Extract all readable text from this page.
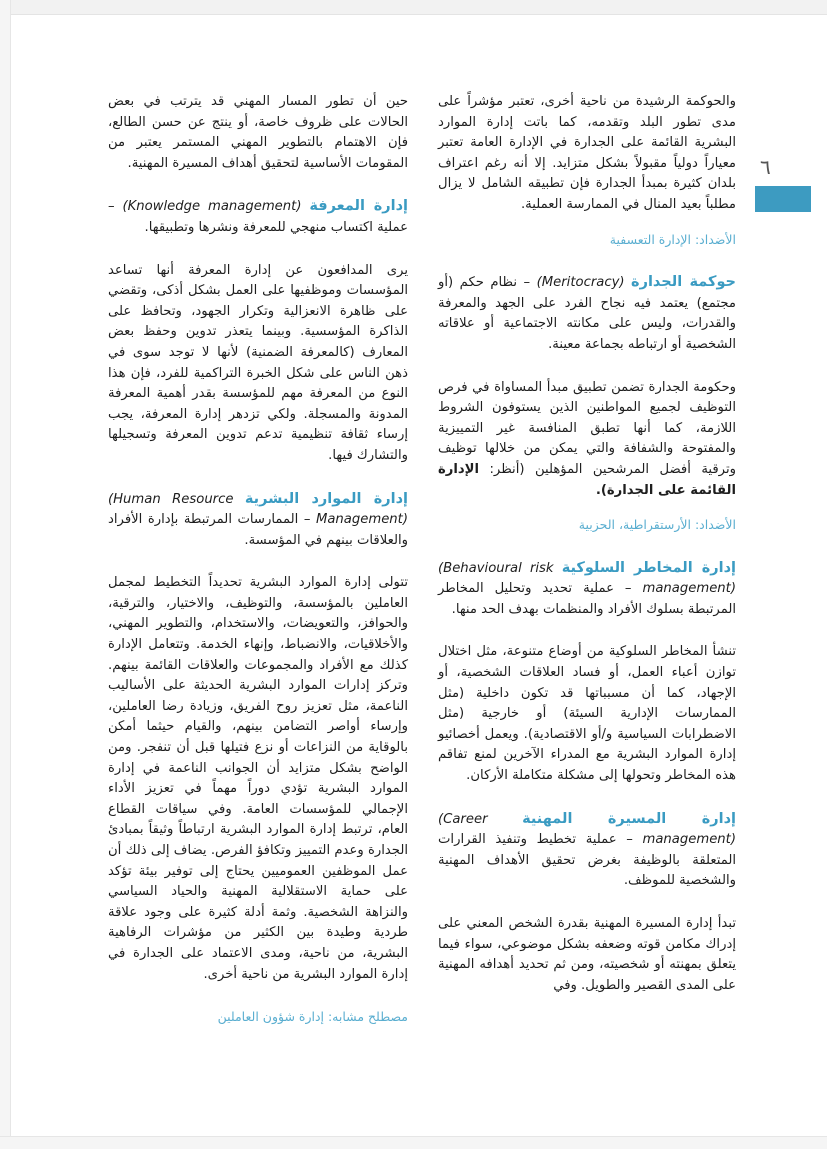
٦

والحوكمة الرشيدة من ناحية أخرى، تعتبر مؤشراً على مدى تطور البلد وتقدمه، كما باتت إدارة الموارد البشرية القائمة على الجدارة في الإدارة العامة تعتبر معياراً دولياً مقبولاً بشكل متزايد. إلا أنه رغم اعتراف بلدان كثيرة بمبدأ الجدارة فإن تطبيقه الشامل لا يزال مطلباً بعيد المنال في الممارسة العملية.

الأضداد: الإدارة التعسفية

حوكمة الجدارة (Meritocracy) – نظام حكم (أو مجتمع) يعتمد فيه نجاح الفرد على الجهد والمعرفة والقدرات، وليس على مكانته الاجتماعية أو علاقاته الشخصية أو ارتباطه بجماعة معينة.

وحكومة الجدارة تضمن تطبيق مبدأ المساواة في فرص التوظيف لجميع المواطنين الذين يستوفون الشروط اللازمة، كما أنها تطبق المنافسة غير التمييزية والمفتوحة والشفافة والتي يمكن من خلالها توظيف وترقية أفضل المرشحين المؤهلين (أنظر: الإدارة القائمة على الجدارة).

الأضداد: الأرستقراطية، الحزبية

إدارة المخاطر السلوكية (Behavioural risk management) – عملية تحديد وتحليل المخاطر المرتبطة بسلوك الأفراد والمنظمات بهدف الحد منها.

تنشأ المخاطر السلوكية من أوضاع متنوعة، مثل اختلال توازن أعباء العمل، أو فساد العلاقات الشخصية، أو الإجهاد، كما أن مسبباتها قد تكون داخلية (مثل الممارسات الإدارية السيئة) أو خارجية (مثل الاضطرابات السياسية و/أو الاقتصادية). ويعمل أخصائيو إدارة الموارد البشرية مع المدراء الآخرين لمنع تفاقم هذه المخاطر وتحولها إلى مشكلة متكاملة الأركان.

إدارة المسيرة المهنية (Career management) – عملية تخطيط وتنفيذ القرارات المتعلقة بالوظيفة بغرض تحقيق الأهداف المهنية والشخصية للموظف.

تبدأ إدارة المسيرة المهنية بقدرة الشخص المعني على إدراك مكامن قوته وضعفه بشكل موضوعي، سواء فيما يتعلق بمهنته أو شخصيته، ومن ثم تحديد أهدافه المهنية على المدى القصير والطويل. وفي

حين أن تطور المسار المهني قد يترتب في بعض الحالات على ظروف خاصة، أو ينتج عن حسن الطالع، فإن الاهتمام بالتطوير المهني المستمر يعتبر من المقومات الأساسية لتحقيق أهداف المسيرة المهنية.

إدارة المعرفة (Knowledge management) – عملية اكتساب منهجي للمعرفة ونشرها وتطبيقها.

يرى المدافعون عن إدارة المعرفة أنها تساعد المؤسسات وموظفيها على العمل بشكل أذكى، وتقضي على ظاهرة الانعزالية وتكرار الجهود، وتحافظ على الذاكرة المؤسسية. وبينما يتعذر تدوين وحفظ بعض المعارف (كالمعرفة الضمنية) لأنها لا توجد سوى في ذهن الناس على شكل الخبرة التراكمية للفرد، فإن هذا النوع من المعرفة مهم للمؤسسة بقدر أهمية المعرفة المدونة والمسجلة. ولكي تزدهر إدارة المعرفة، يجب إرساء ثقافة تنظيمية تدعم تدوين المعرفة وتسجيلها والتشارك فيها.

إدارة الموارد البشرية (Human Resource Management) – الممارسات المرتبطة بإدارة الأفراد والعلاقات بينهم في المؤسسة.

تتولى إدارة الموارد البشرية تحديداً التخطيط لمجمل العاملين بالمؤسسة، والتوظيف، والاختيار، والترقية، والحوافز، والتعويضات، والاستخدام، والتطوير المهني، والأخلاقيات، والانضباط، وإنهاء الخدمة. وتتعامل الإدارة كذلك مع الأفراد والمجموعات والعلاقات القائمة بينهم. وتركز إدارات الموارد البشرية الحديثة على الأساليب الناعمة، مثل تعزيز روح الفريق، وزيادة رضا العاملين، وإرساء أواصر التضامن بينهم، والقيام حيثما أمكن بالوقاية من النزاعات أو نزع فتيلها قبل أن تنفجر. ومن الواضح بشكل متزايد أن الجوانب الناعمة في إدارة الموارد البشرية تؤدي دوراً مهماً في تعزيز الأداء الإجمالي للمؤسسات العامة. وفي سياقات القطاع العام، ترتبط إدارة الموارد البشرية ارتباطاً وثيقاً بمبادئ الجدارة وعدم التمييز وتكافؤ الفرص. يضاف إلى ذلك أن عمل الموظفين العموميين يحتاج إلى توفير بيئة تؤكد على حماية الاستقلالية المهنية والحياد السياسي والنزاهة الشخصية. وثمة أدلة كثيرة على وجود علاقة طردية وطيدة بين الكثير من مؤشرات الرفاهية البشرية، من ناحية، ومدى الاعتماد على الجدارة في إدارة الموارد البشرية من ناحية أخرى.

مصطلح مشابه: إدارة شؤون العاملين
